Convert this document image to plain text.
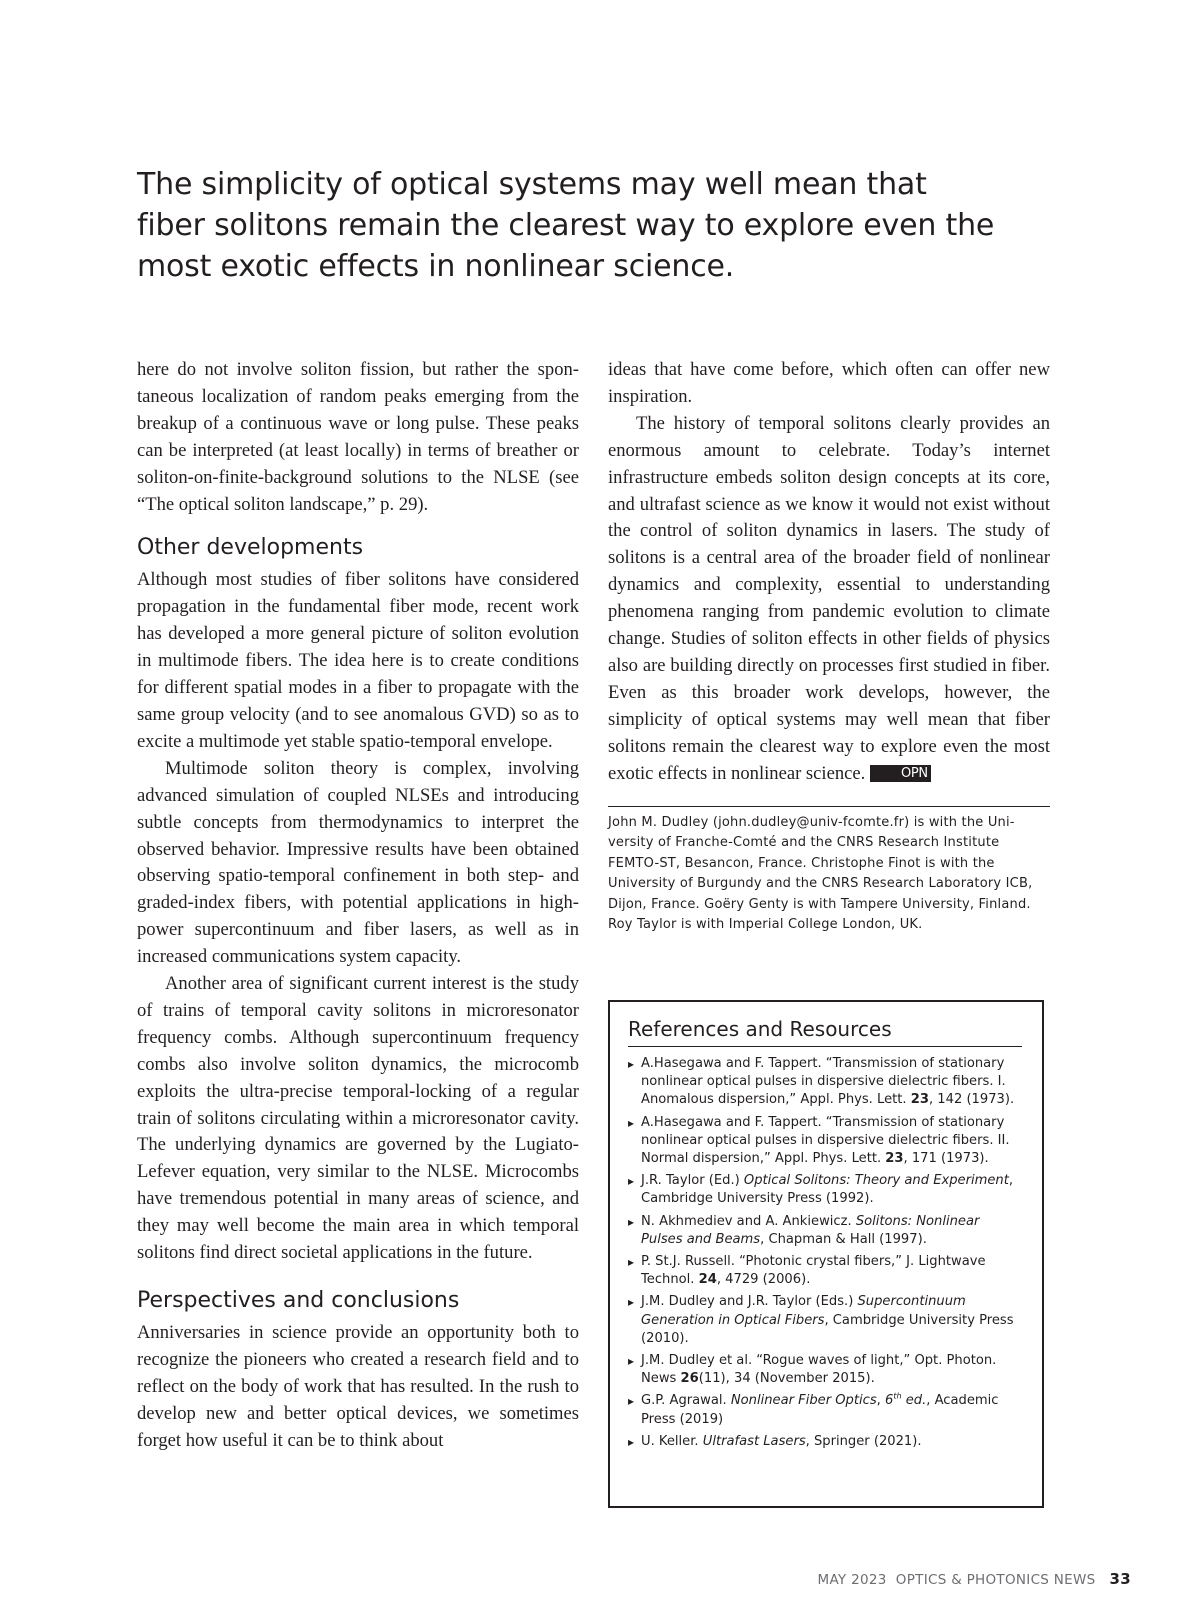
The simplicity of optical systems may well mean that fiber solitons remain the clearest way to explore even the most exotic effects in nonlinear science.

here do not involve soliton fission, but rather the spontaneous localization of random peaks emerging from the breakup of a continuous wave or long pulse. These peaks can be interpreted (at least locally) in terms of breather or soliton-on-finite-background solutions to the NLSE (see “The optical soliton landscape,” p. 29).

Other developments

Although most studies of fiber solitons have considered propagation in the fundamental fiber mode, recent work has developed a more general picture of soliton evolution in multimode fibers. The idea here is to create conditions for different spatial modes in a fiber to propagate with the same group velocity (and to see anomalous GVD) so as to excite a multimode yet stable spatio-temporal envelope.

Multimode soliton theory is complex, involving advanced simulation of coupled NLSEs and introducing subtle concepts from thermodynamics to interpret the observed behavior. Impressive results have been obtained observing spatio-temporal confinement in both step- and graded-index fibers, with potential applications in high-power supercontinuum and fiber lasers, as well as in increased communications system capacity.

Another area of significant current interest is the study of trains of temporal cavity solitons in microresonator frequency combs. Although supercontinuum frequency combs also involve soliton dynamics, the microcomb exploits the ultra-precise temporal-locking of a regular train of solitons circulating within a microresonator cavity. The underlying dynamics are governed by the Lugiato-Lefever equation, very similar to the NLSE. Microcombs have tremendous potential in many areas of science, and they may well become the main area in which temporal solitons find direct societal applications in the future.

Perspectives and conclusions

Anniversaries in science provide an opportunity both to recognize the pioneers who created a research field and to reflect on the body of work that has resulted. In the rush to develop new and better optical devices, we sometimes forget how useful it can be to think about

ideas that have come before, which often can offer new inspiration.

The history of temporal solitons clearly provides an enormous amount to celebrate. Today’s internet infrastructure embeds soliton design concepts at its core, and ultrafast science as we know it would not exist without the control of soliton dynamics in lasers. The study of solitons is a central area of the broader field of nonlinear dynamics and complexity, essential to understanding phenomena ranging from pandemic evolution to climate change. Studies of soliton effects in other fields of physics also are building directly on processes first studied in fiber. Even as this broader work develops, however, the simplicity of optical systems may well mean that fiber solitons remain the clearest way to explore even the most exotic effects in nonlinear science.	OPN

John M. Dudley (john.dudley@univ-fcomte.fr) is with the University of Franche-Comté and the CNRS Research Institute FEMTO-ST, Besancon, France. Christophe Finot is with the University of Burgundy and the CNRS Research Laboratory ICB, Dijon, France. Goëry Genty is with Tampere University, Finland. Roy Taylor is with Imperial College London, UK.

References and Resources
▸ A.Hasegawa and F. Tappert. “Transmission of stationary nonlinear optical pulses in dispersive dielectric fibers. I. Anomalous dispersion,” Appl. Phys. Lett. 23, 142 (1973).
▸ A.Hasegawa and F. Tappert. “Transmission of stationary nonlinear optical pulses in dispersive dielectric fibers. II. Normal dispersion,” Appl. Phys. Lett. 23, 171 (1973).
▸ J.R. Taylor (Ed.) Optical Solitons: Theory and Experiment, Cambridge University Press (1992).
▸ N. Akhmediev and A. Ankiewicz. Solitons: Nonlinear Pulses and Beams, Chapman & Hall (1997).
▸ P. St.J. Russell. “Photonic crystal fibers,” J. Lightwave Technol. 24, 4729 (2006).
▸ J.M. Dudley and J.R. Taylor (Eds.) Supercontinuum Generation in Optical Fibers, Cambridge University Press (2010).
▸ J.M. Dudley et al. “Rogue waves of light,” Opt. Photon. News 26(11), 34 (November 2015).
▸ G.P. Agrawal. Nonlinear Fiber Optics, 6th ed., Academic Press (2019)
▸ U. Keller. Ultrafast Lasers, Springer (2021).
MAY 2023  OPTICS & PHOTONICS NEWS 33
